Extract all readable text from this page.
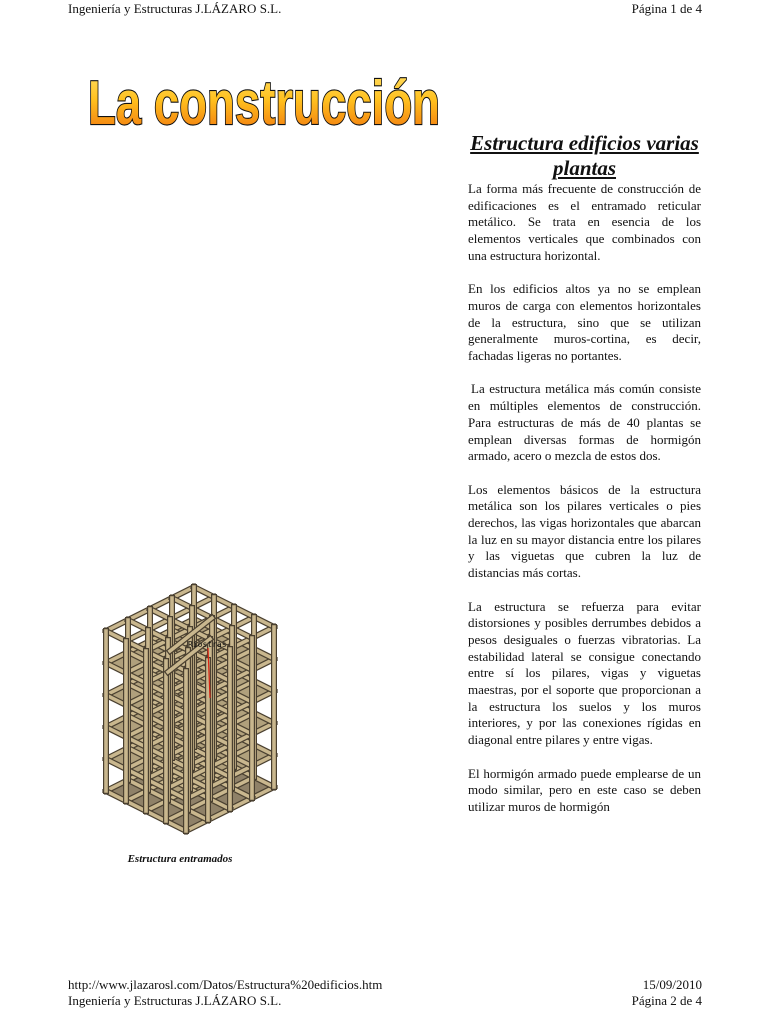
Ingeniería y Estructuras J.LÁZARO S.L.	Página 1 de 4
La construcción
Estructura edificios varias plantas

La forma más frecuente de construcción de edificaciones es el entramado reticular metálico. Se trata en esencia de los elementos verticales que combinados con una estructura horizontal.

En los edificios altos ya no se emplean muros de carga con elementos horizontales de la estructura, sino que se utilizan generalmente muros-cortina, es decir, fachadas ligeras no portantes.

La estructura metálica más común consiste en múltiples elementos de construcción. Para estructuras de más de 40 plantas se emplean diversas formas de hormigón armado, acero o mezcla de estos dos.

Los elementos básicos de la estructura metálica son los pilares verticales o pies derechos, las vigas horizontales que abarcan la luz en su mayor distancia entre los pilares y las viguetas que cubren la luz de distancias más cortas.

La estructura se refuerza para evitar distorsiones y posibles derrumbes debidos a pesos desiguales o fuerzas vibratorias. La estabilidad lateral se consigue conectando entre sí los pilares, vigas y viguetas maestras, por el soporte que proporcionan a la estructura los suelos y los muros interiores, y por las conexiones rígidas en diagonal entre pilares y entre vigas.

El hormigón armado puede emplearse de un modo similar, pero en este caso se deben utilizar muros de hormigón

Riostras
Estructura entramados
http://www.jlazarosl.com/Datos/Estructura%20edificios.htm	15/09/2010
Ingeniería y Estructuras J.LÁZARO S.L.	Página 2 de 4
